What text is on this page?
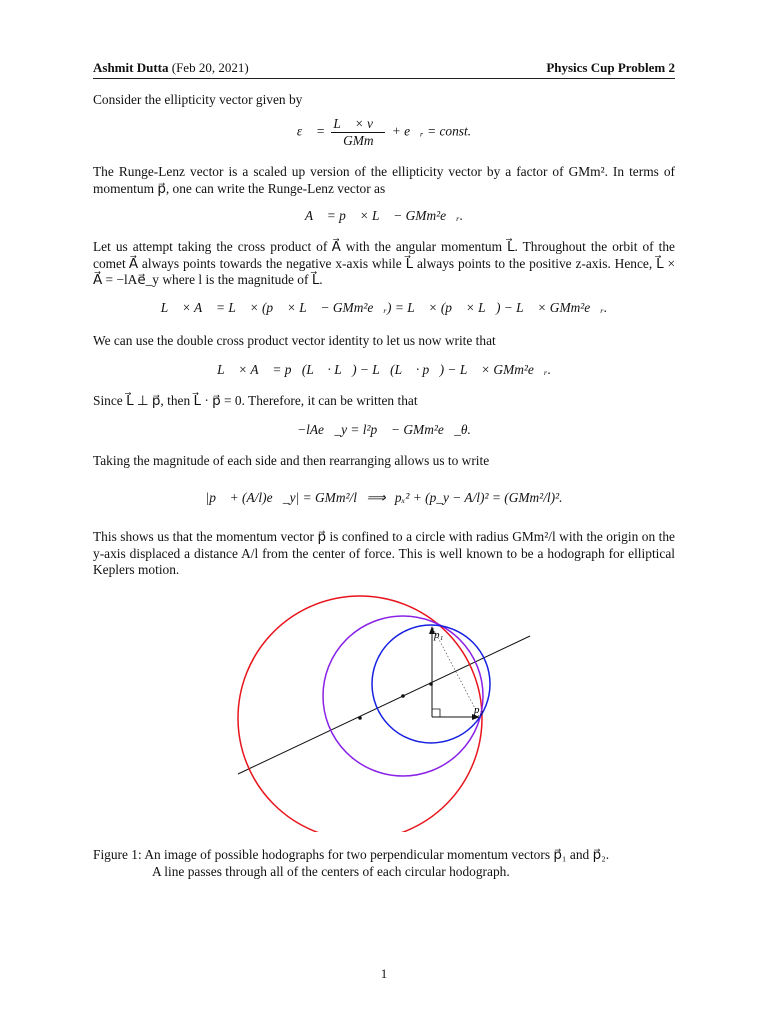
Ashmit Dutta (Feb 20, 2021)	Physics Cup Problem 2
Consider the ellipticity vector given by
ε⃗ = $\frac{L⃗ \times v⃗}{\text{GMm}}$ + e⃗ᵣ = const.
The Runge-Lenz vector is a scaled up version of the ellipticity vector by a factor of GMm². In terms of momentum p⃗, one can write the Runge-Lenz vector as
A⃗ = p⃗ × L⃗ − GMm²e⃗ᵣ.
Let us attempt taking the cross product of A⃗ with the angular momentum L⃗. Throughout the orbit of the comet A⃗ always points towards the negative x-axis while L⃗ always points to the positive z-axis. Hence, L⃗ × A⃗ = −lAe⃗_y where l is the magnitude of L⃗.
L⃗ × A⃗ = L⃗ × (p⃗ × L⃗ − GMm²e⃗ᵣ) = L⃗ × (p⃗ × L⃗) − L⃗ × GMm²e⃗ᵣ.
We can use the double cross product vector identity to let us now write that
L⃗ × A⃗ = p⃗(L⃗ · L⃗) − L⃗(L⃗ · p⃗) − L⃗ × GMm²e⃗ᵣ.
Since L⃗ ⊥ p⃗, then L⃗ · p⃗ = 0. Therefore, it can be written that
−lAe⃗_y = l²p⃗ − GMm²e⃗_θ.
Taking the magnitude of each side and then rearranging allows us to write
|p⃗ + (A/l)e⃗_y| = GMm²/l ⟹ pₓ² + (p_y − A/l)² = (GMm²/l)².
This shows us that the momentum vector p⃗ is confined to a circle with radius GMm²/l with the origin on the y-axis displaced a distance A/l from the center of force. This is well known to be a hodograph for elliptical Keplers motion.
p₁
p₂
Figure 1: An image of possible hodographs for two perpendicular momentum vectors p⃗₁ and p⃗₂.
A line passes through all of the centers of each circular hodograph.
1
